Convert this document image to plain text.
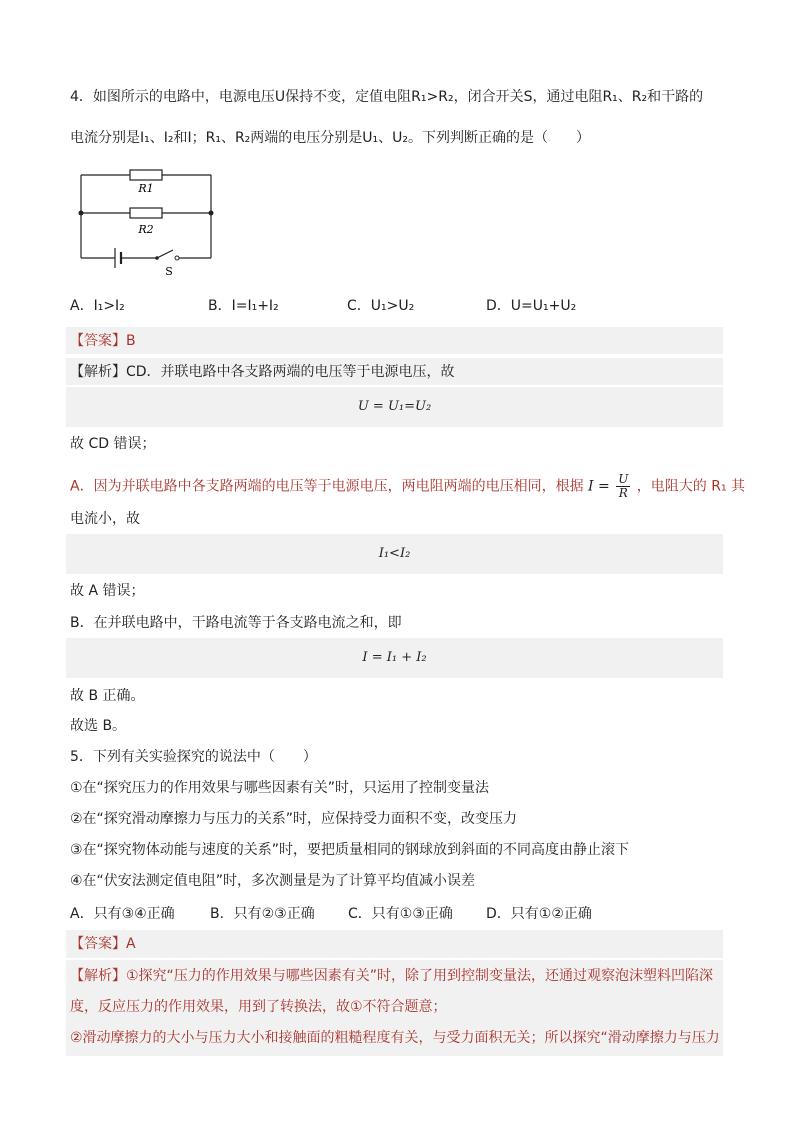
4．如图所示的电路中，电源电压U保持不变，定值电阻R₁>R₂，闭合开关S，通过电阻R₁、R₂和干路的
电流分别是I₁、I₂和I；R₁、R₂两端的电压分别是U₁、U₂。下列判断正确的是（　　）
R1
R2
S
A．I₁>I₂	B．I=I₁+I₂	C．U₁>U₂	D．U=U₁+U₂
【答案】B
【解析】CD．并联电路中各支路两端的电压等于电源电压，故
U = U₁=U₂
故 CD 错误；
A．因为并联电路中各支路两端的电压等于电源电压，两电阻两端的电压相同，根据 $I = \frac{U}{R}$ ，电阻大的 R₁ 其
电流小，故
I₁<I₂
故 A 错误；
B．在并联电路中，干路电流等于各支路电流之和，即
I = I₁ + I₂
故 B 正确。
故选 B。
5．下列有关实验探究的说法中（　　）
①在“探究压力的作用效果与哪些因素有关”时，只运用了控制变量法
②在“探究滑动摩擦力与压力的关系”时，应保持受力面积不变，改变压力
③在“探究物体动能与速度的关系”时，要把质量相同的钢球放到斜面的不同高度由静止滚下
④在“伏安法测定值电阻”时，多次测量是为了计算平均值减小误差
A．只有③④正确	B．只有②③正确 C．只有①③正确 D．只有①②正确
【答案】A
【解析】①探究“压力的作用效果与哪些因素有关”时，除了用到控制变量法，还通过观察泡沫塑料凹陷深
度，反应压力的作用效果，用到了转换法，故①不符合题意；
②滑动摩擦力的大小与压力大小和接触面的粗糙程度有关，与受力面积无关；所以探究“滑动摩擦力与压力
